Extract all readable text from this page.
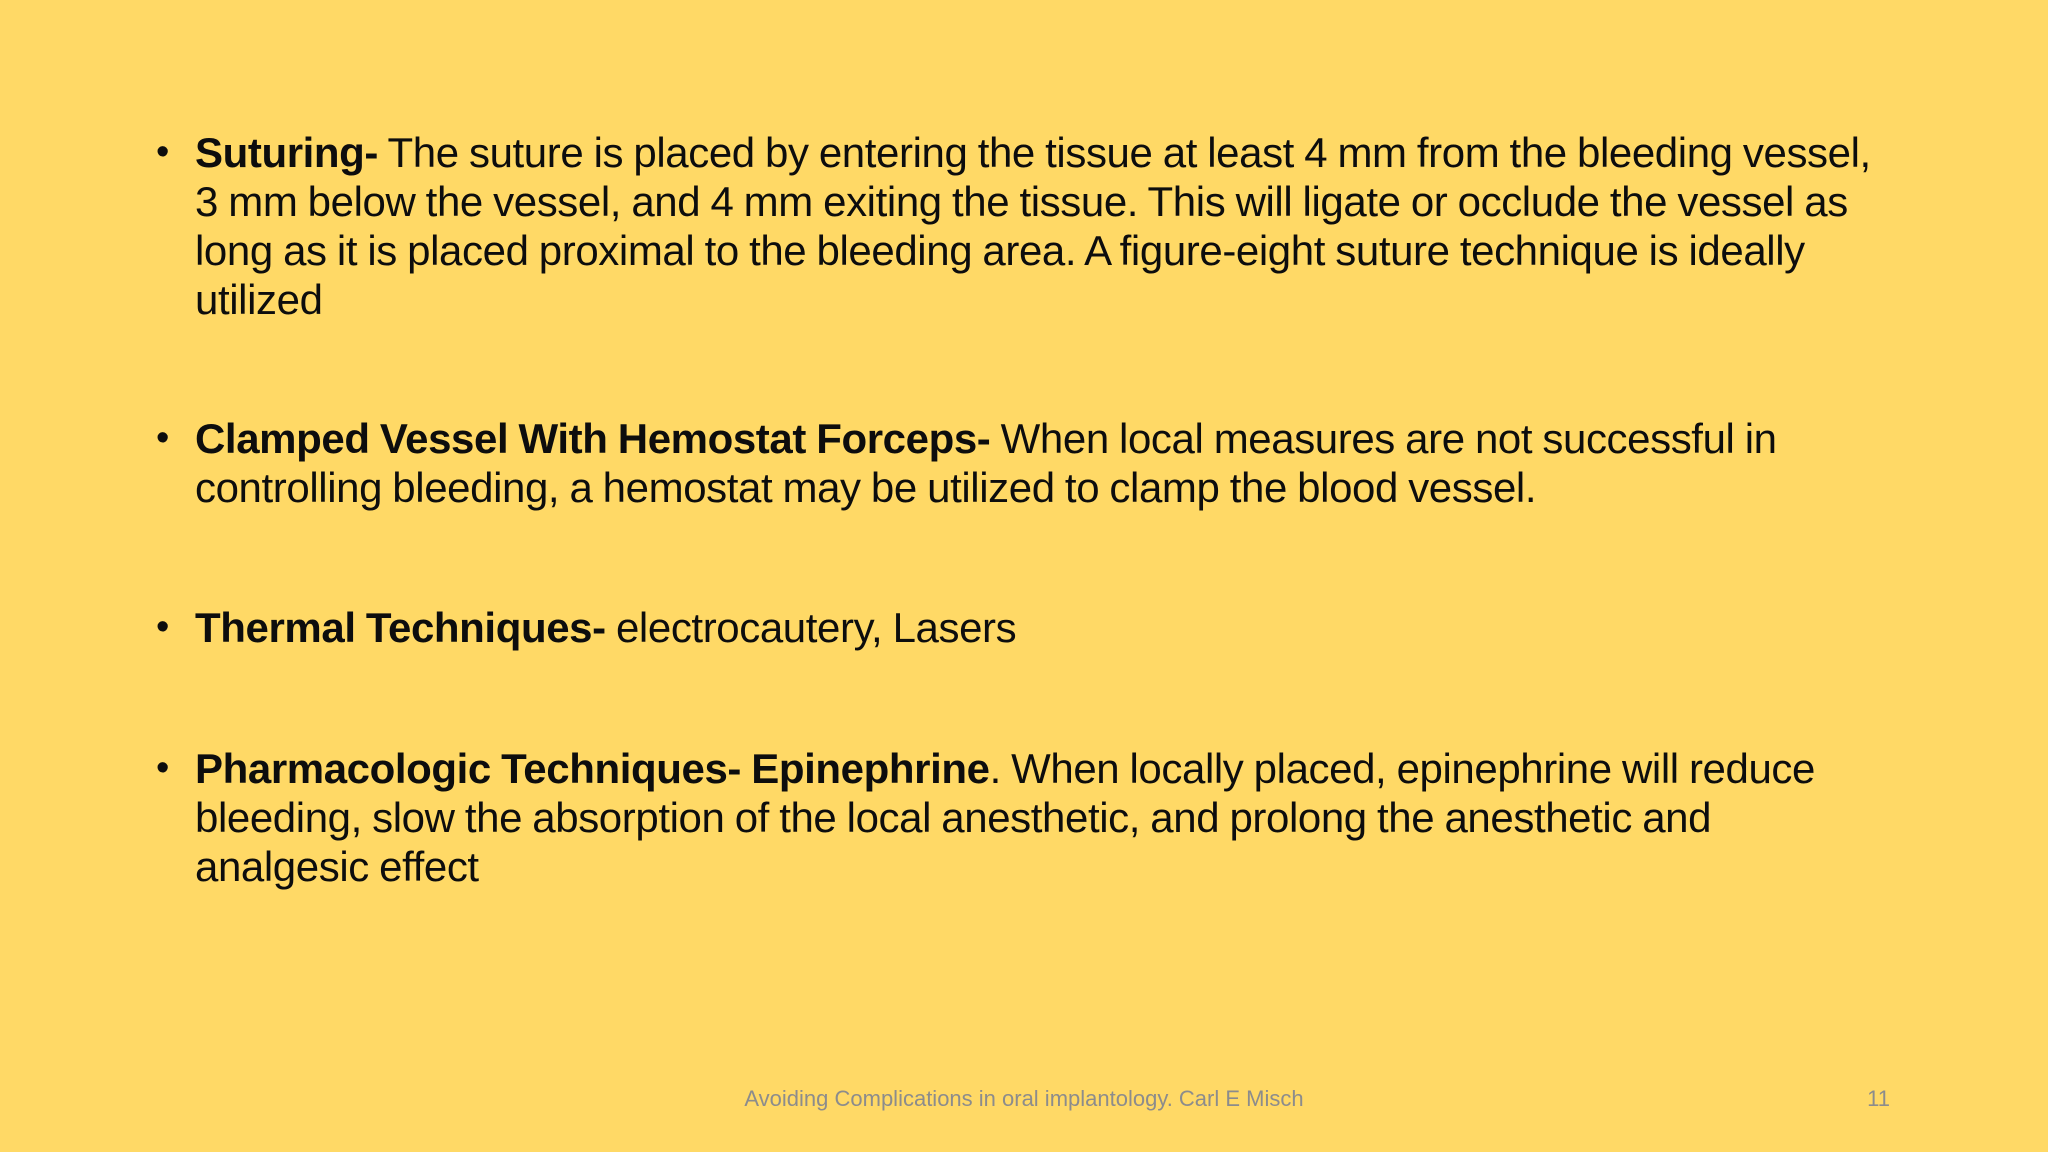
• Suturing- The suture is placed by entering the tissue at least 4 mm from the bleeding vessel, 3 mm below the vessel, and 4 mm exiting the tissue. This will ligate or occlude the vessel as long as it is placed proximal to the bleeding area. A figure-eight suture technique is ideally utilized
• Clamped Vessel With Hemostat Forceps- When local measures are not successful in controlling bleeding, a hemostat may be utilized to clamp the blood vessel.
• Thermal Techniques- electrocautery, Lasers
• Pharmacologic Techniques- Epinephrine. When locally placed, epinephrine will reduce bleeding, slow the absorption of the local anesthetic, and prolong the anesthetic and analgesic effect
Avoiding Complications in oral implantology. Carl E Misch	11
